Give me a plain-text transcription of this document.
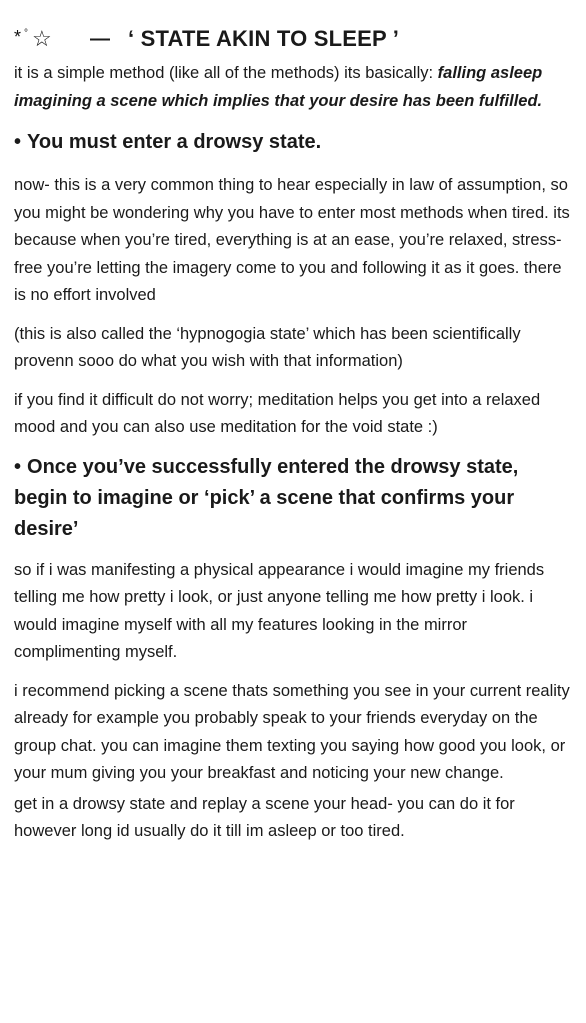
* ° ☆ — ‘ STATE AKIN TO SLEEP ’

it is a simple method (like all of the methods) its basically: falling asleep imagining a scene which implies that your desire has been fulfilled.

• You must enter a drowsy state.

now- this is a very common thing to hear especially in law of assumption, so you might be wondering why you have to enter most methods when tired. its because when you’re tired, everything is at an ease, you’re relaxed, stress-free you’re letting the imagery come to you and following it as it goes. there is no effort involved

(this is also called the ‘hypnogogia state’ which has been scientifically provenn sooo do what you wish with that information)

if you find it difficult do not worry; meditation helps you get into a relaxed mood and you can also use meditation for the void state :)

• Once you’ve successfully entered the drowsy state, begin to imagine or ‘pick’ a scene that confirms your desire’

so if i was manifesting a physical appearance i would imagine my friends telling me how pretty i look, or just anyone telling me how pretty i look. i would imagine myself with all my features looking in the mirror complimenting myself.

i recommend picking a scene thats something you see in your current reality already for example you probably speak to your friends everyday on the group chat. you can imagine them texting you saying how good you look, or your mum giving you your breakfast and noticing your new change.

get in a drowsy state and replay a scene your head- you can do it for however long id usually do it till im asleep or too tired.
